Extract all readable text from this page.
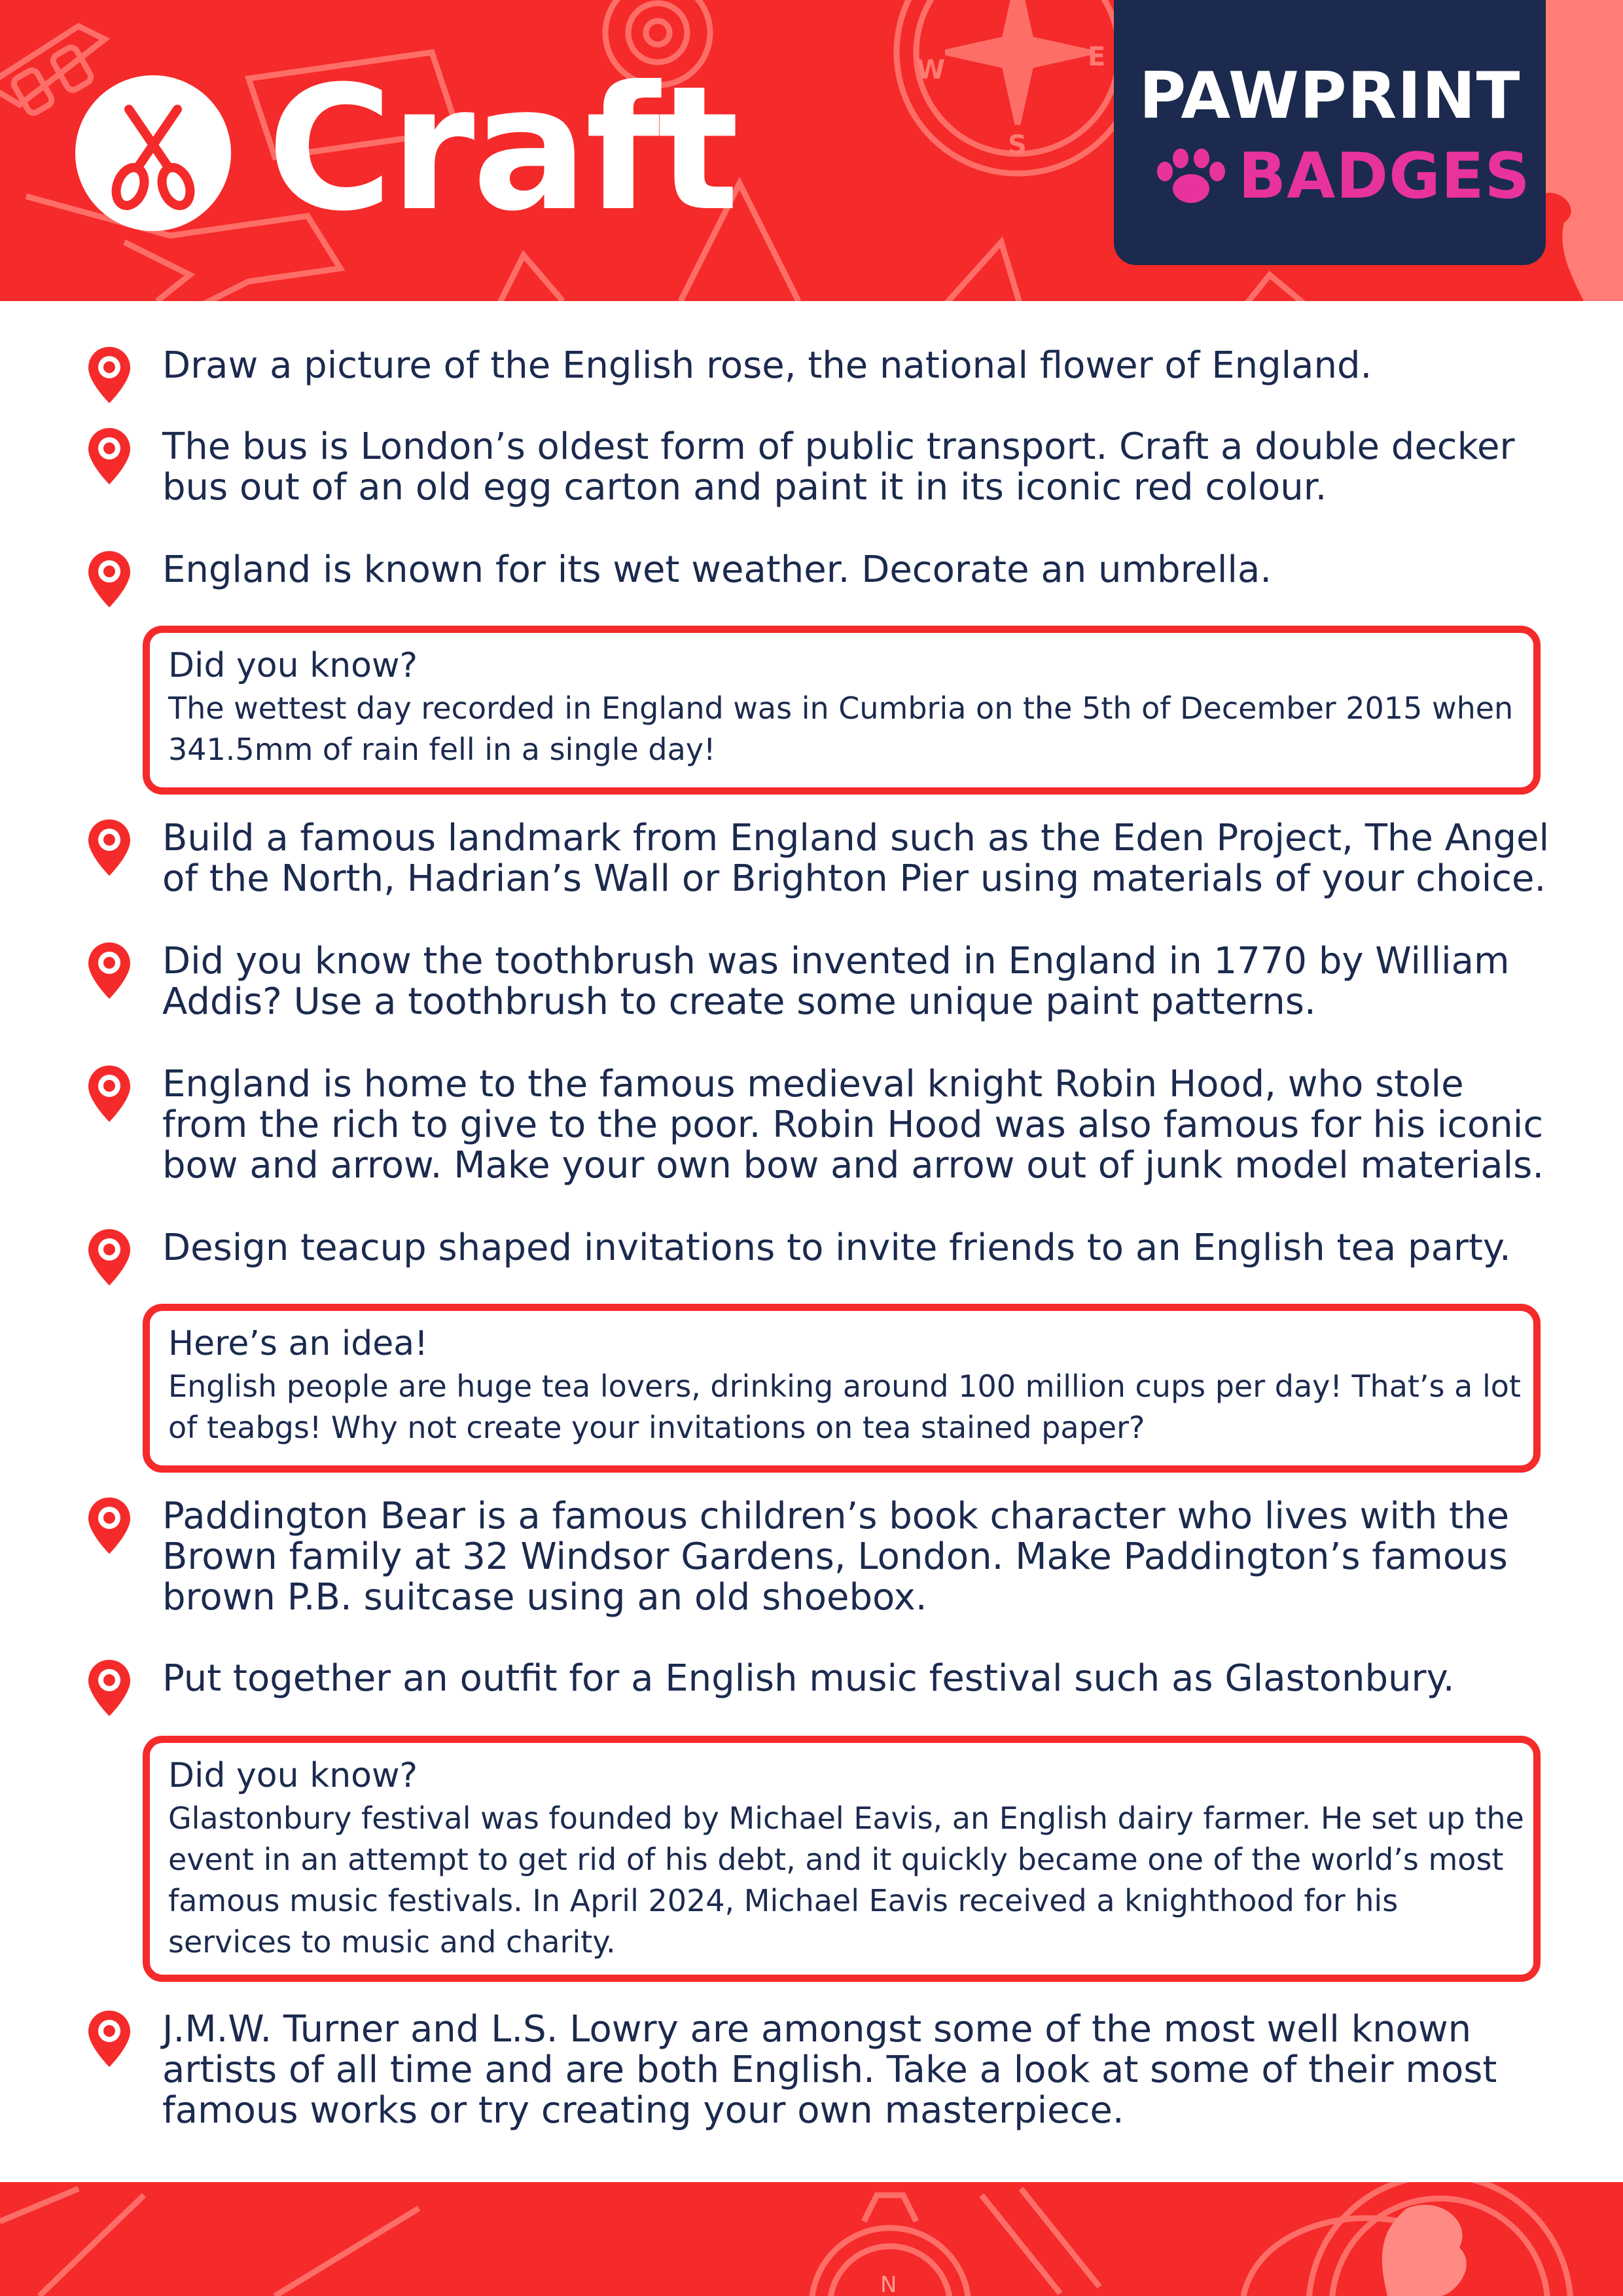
W	E
S
Craft	PAWPRINT
BADGES
Draw a picture of the English rose, the national flower of England.
The bus is London’s oldest form of public transport. Craft a double decker bus out of an old egg carton and paint it in its iconic red colour.
England is known for its wet weather. Decorate an umbrella.
Did you know?
The wettest day recorded in England was in Cumbria on the 5th of December 2015 when 341.5mm of rain fell in a single day!
Build a famous landmark from England such as the Eden Project, The Angel of the North, Hadrian’s Wall or Brighton Pier using materials of your choice.
Did you know the toothbrush was invented in England in 1770 by William Addis? Use a toothbrush to create some unique paint patterns.
England is home to the famous medieval knight Robin Hood, who stole from the rich to give to the poor. Robin Hood was also famous for his iconic bow and arrow. Make your own bow and arrow out of junk model materials.
Design teacup shaped invitations to invite friends to an English tea party.
Here’s an idea!
English people are huge tea lovers, drinking around 100 million cups per day! That’s a lot of teabgs! Why not create your invitations on tea stained paper?
Paddington Bear is a famous children’s book character who lives with the Brown family at 32 Windsor Gardens, London. Make Paddington’s famous brown P.B. suitcase using an old shoebox.
Put together an outfit for a English music festival such as Glastonbury.
Did you know?
Glastonbury festival was founded by Michael Eavis, an English dairy farmer. He set up the event in an attempt to get rid of his debt, and it quickly became one of the world’s most famous music festivals. In April 2024, Michael Eavis received a knighthood for his services to music and charity.
J.M.W. Turner and L.S. Lowry are amongst some of the most well known artists of all time and are both English. Take a look at some of their most famous works or try creating your own masterpiece.
N
